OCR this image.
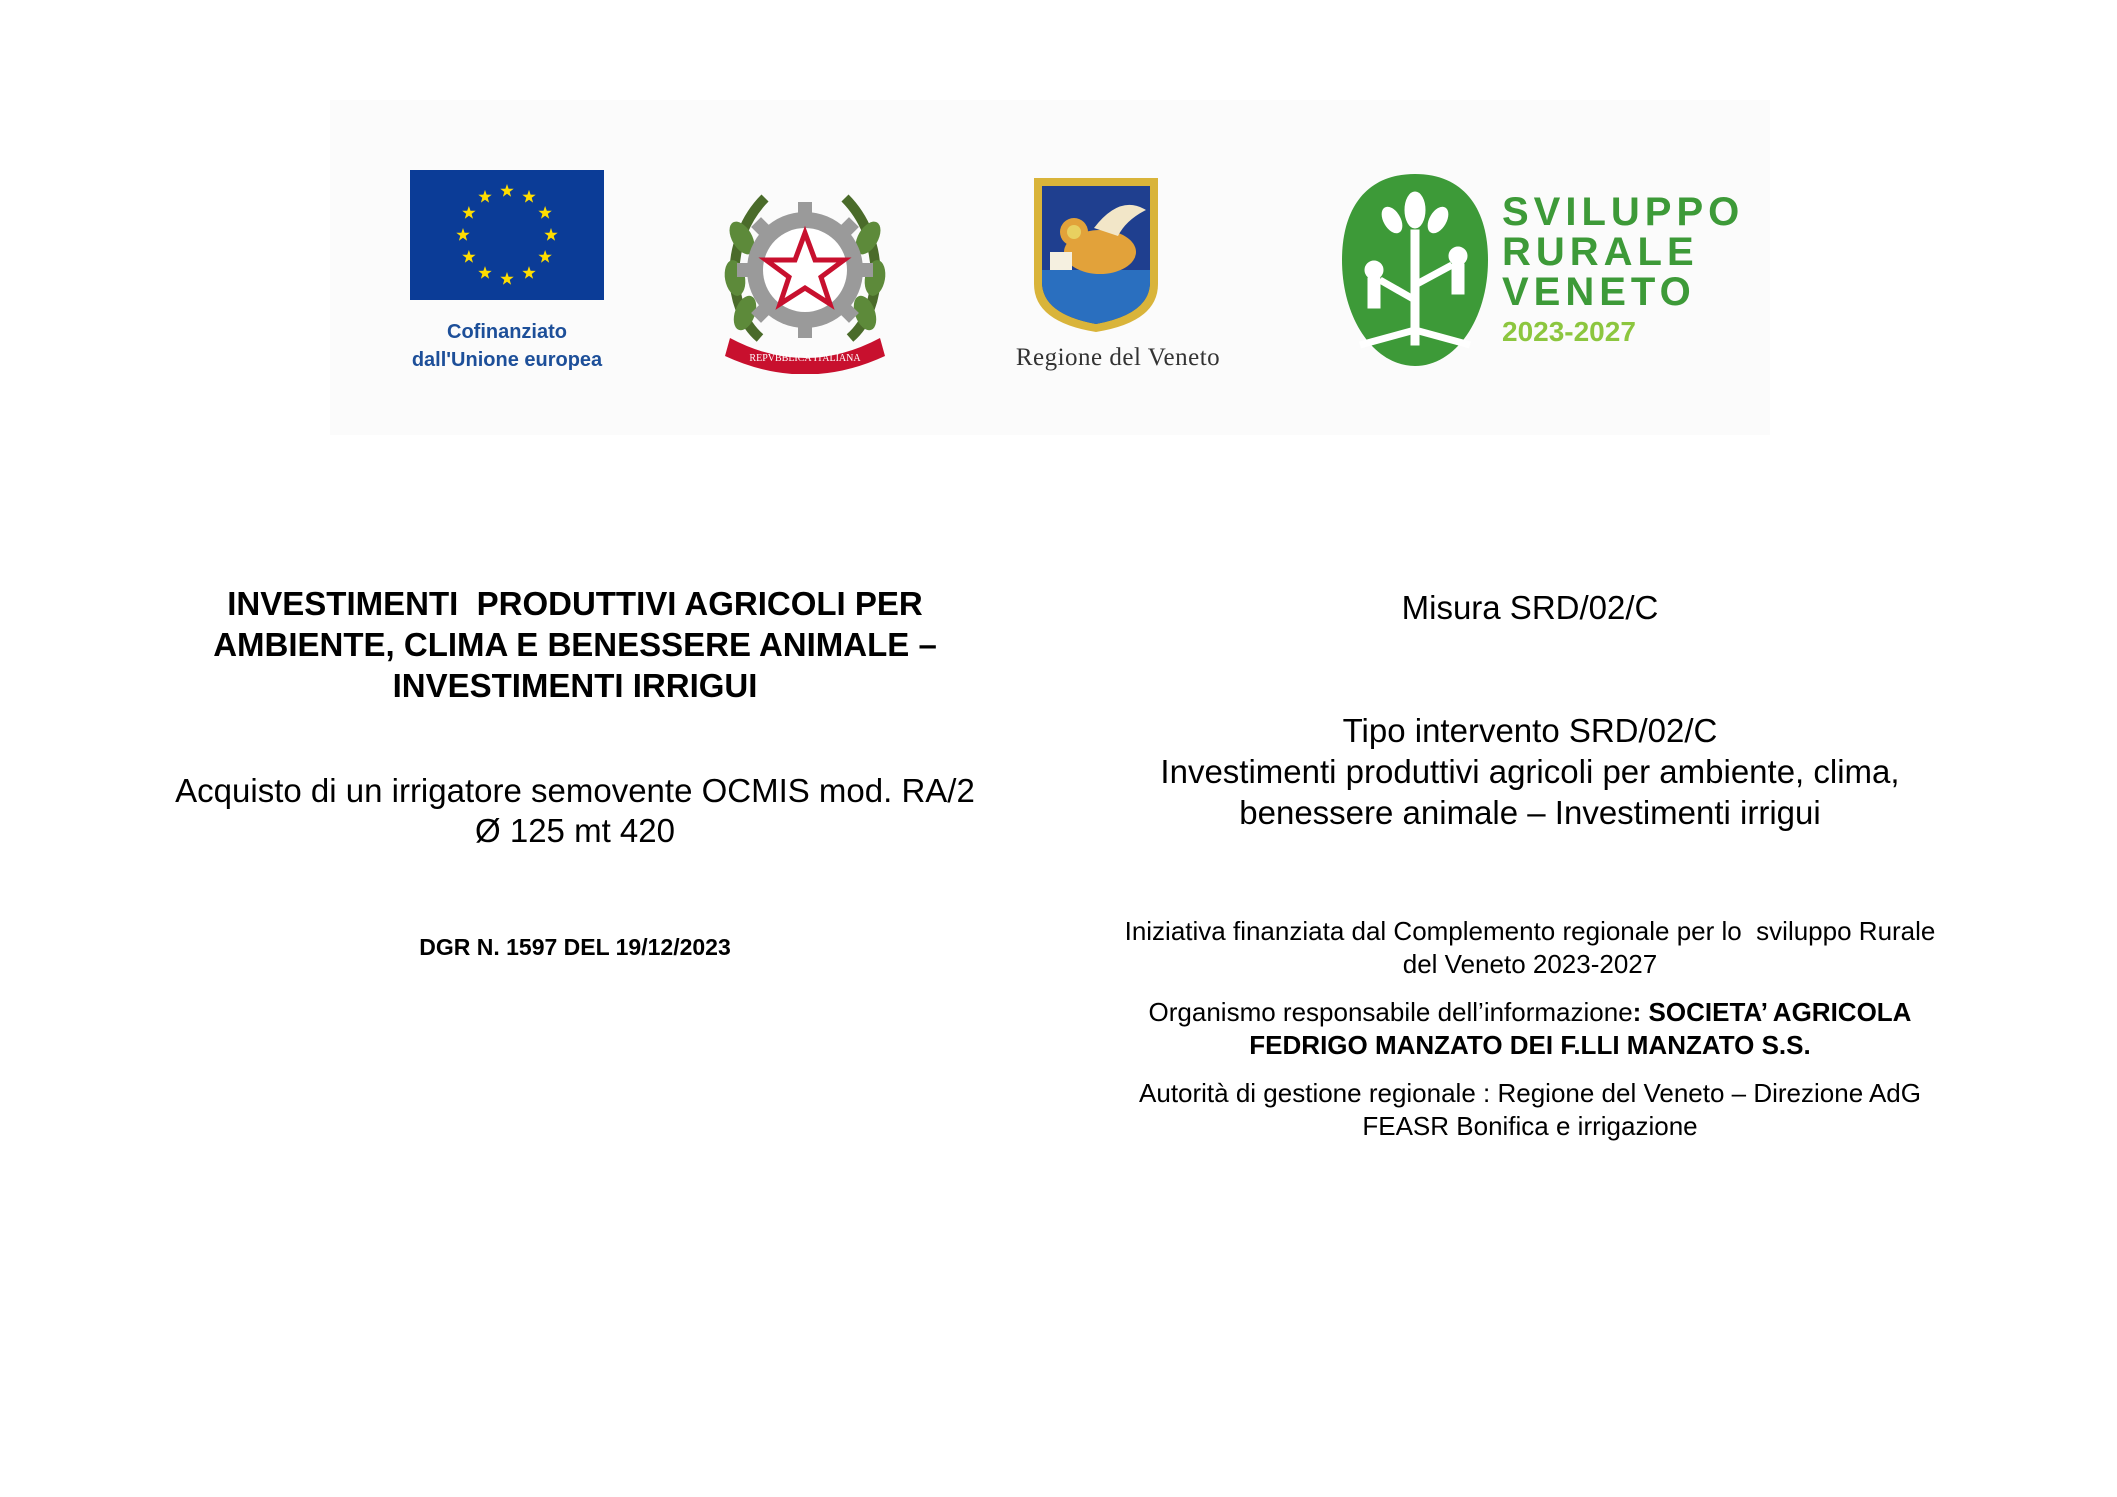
Cofinanziato
dall'Unione europea	REPVBBLICA ITALIANA	Regione del Veneto
SVILUPPO
RURALE
VENETO
2023-2027
INVESTIMENTI  PRODUTTIVI AGRICOLI PER
AMBIENTE, CLIMA E BENESSERE ANIMALE –
INVESTIMENTI IRRIGUI
Acquisto di un irrigatore semovente OCMIS mod. RA/2
Ø 125 mt 420
DGR N. 1597 DEL 19/12/2023
Misura SRD/02/C
Tipo intervento SRD/02/C
Investimenti produttivi agricoli per ambiente, clima,
benessere animale – Investimenti irrigui
Iniziativa finanziata dal Complemento regionale per lo  sviluppo Rurale
del Veneto 2023-2027
Organismo responsabile dell’informazione: SOCIETA’ AGRICOLA
FEDRIGO MANZATO DEI F.LLI MANZATO S.S.
Autorità di gestione regionale : Regione del Veneto – Direzione AdG
FEASR Bonifica e irrigazione
